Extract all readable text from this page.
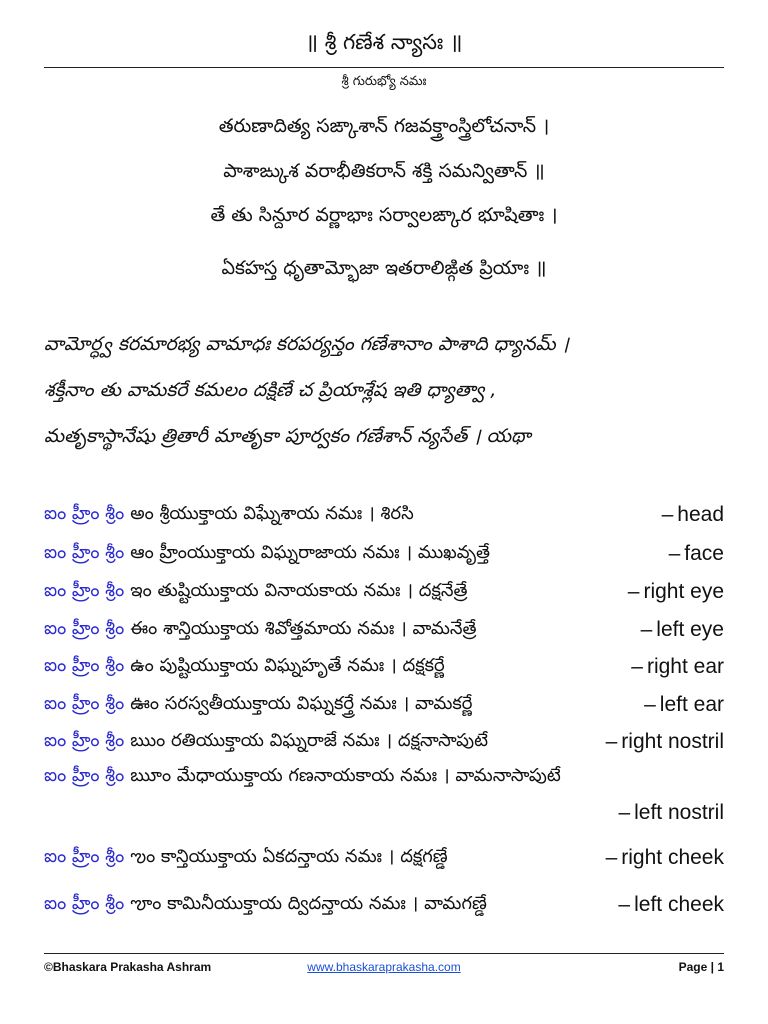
॥ శ్రీ గణేశ న్యాసః ॥
శ్రీ గురుభ్యో నమః
తరుణాదిత్య సఙ్కాశాన్ గజవక్త్రాంస్త్రిలోచనాన్ ।
పాశాఙ్కుశ వరాభీతికరాన్ శక్తి సమన్వితాన్ ॥
తే తు సిన్దూర వర్ణాభాః సర్వాలఙ్కార భూషితాః ।
ఏకహస్త ధృతామ్భోజా ఇతరాలిఙ్గిత ప్రియాః ॥
వామోర్ధ్వ కరమారభ్య వామాధః కరపర్యన్తం గణేశానాం పాశాది ధ్యానమ్ ।
శక్తీనాం తు వామకరే కమలం దక్షిణే చ ప్రియాశ్లేష ఇతి ధ్యాత్వా ,
మతృకాస్థానేషు త్రితారీ మాతృకా పూర్వకం గణేశాన్ న్యసేత్ । యథా
ఐం హ్రీం శ్రీం అం శ్రీయుక్తాయ విఘ్నేశాయ నమః । శిరసి	– head
ఐం హ్రీం శ్రీం ఆం హ్రీంయుక్తాయ విఘ్నరాజాయ నమః । ముఖవృత్తే	– face
ఐం హ్రీం శ్రీం ఇం తుష్టియుక్తాయ వినాయకాయ నమః । దక్షనేత్రే	– right eye
ఐం హ్రీం శ్రీం ఈం శాన్తియుక్తాయ శివోత్తమాయ నమః । వామనేత్రే	– left eye
ఐం హ్రీం శ్రీం ఉం పుష్టియుక్తాయ విఘ్నహృతే నమః । దక్షకర్ణే	– right ear
ఐం హ్రీం శ్రీం ఊం సరస్వతీయుక్తాయ విఘ్నకర్త్రే నమః । వామకర్ణే	– left ear
ఐం హ్రీం శ్రీం ఋం రతియుక్తాయ విఘ్నరాజే నమః । దక్షనాసాపుటే	– right nostril
ఐం హ్రీం శ్రీం ౠం మేధాయుక్తాయ గణనాయకాయ నమః । వామనాసాపుటే
– left nostril
ఐం హ్రీం శ్రీం ఌం కాన్తియుక్తాయ ఏకదన్తాయ నమః । దక్షగణ్డే	– right cheek
ఐం హ్రీం శ్రీం ౡం కామినీయుక్తాయ ద్విదన్తాయ నమః । వామగణ్డే	– left cheek
©Bhaskara Prakasha Ashram	www.bhaskaraprakasha.com	Page | 1
